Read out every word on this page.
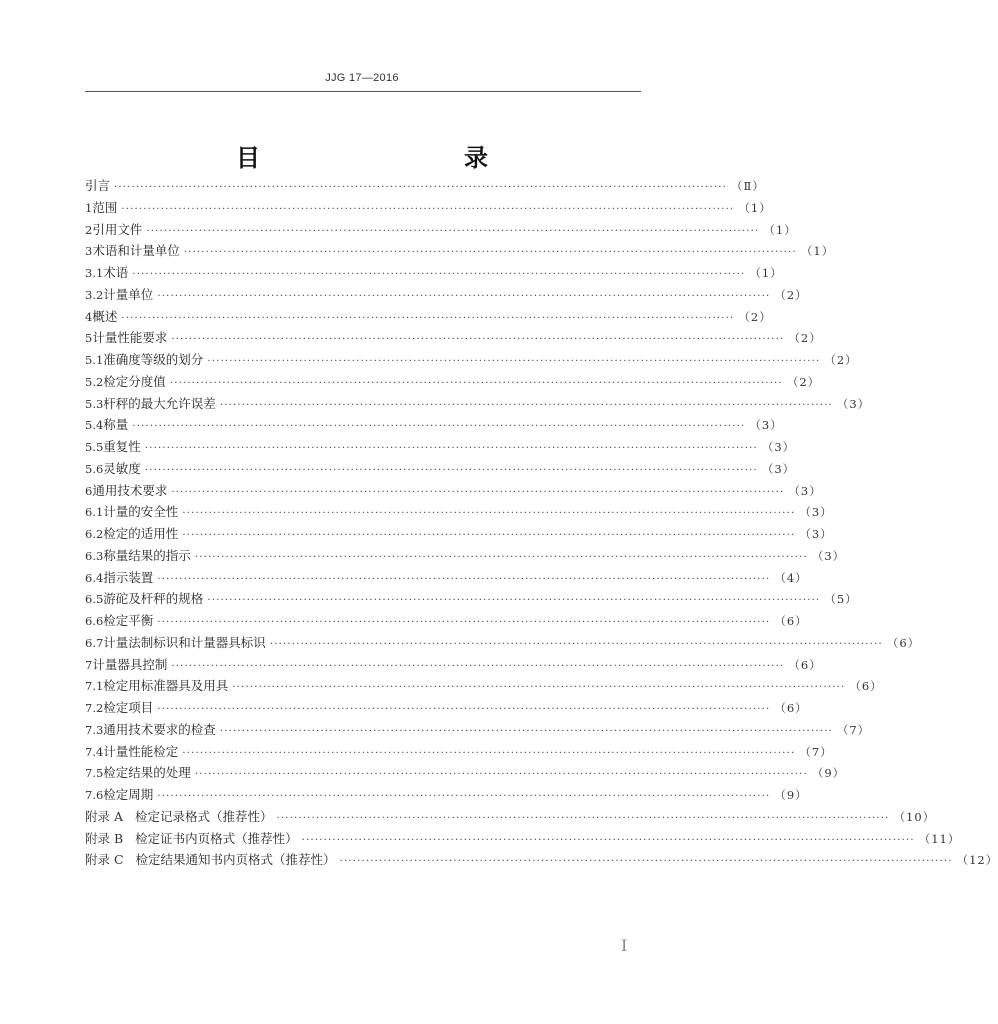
JJG 17—2016
目　　录
引言 ············································································································································ （Ⅱ）
1 范围 ············································································································································ （1）
2 引用文件 ············································································································································ （1）
3 术语和计量单位 ············································································································································ （1）
3.1 术语 ············································································································································ （1）
3.2 计量单位 ············································································································································ （2）
4 概述 ············································································································································ （2）
5 计量性能要求 ············································································································································ （2）
5.1 准确度等级的划分 ············································································································································ （2）
5.2 检定分度值 ············································································································································ （2）
5.3 杆秤的最大允许误差 ············································································································································ （3）
5.4 称量 ············································································································································ （3）
5.5 重复性 ············································································································································ （3）
5.6 灵敏度 ············································································································································ （3）
6 通用技术要求 ············································································································································ （3）
6.1 计量的安全性 ············································································································································ （3）
6.2 检定的适用性 ············································································································································ （3）
6.3 称量结果的指示 ············································································································································ （3）
6.4 指示装置 ············································································································································ （4）
6.5 游砣及杆秤的规格 ············································································································································ （5）
6.6 检定平衡 ············································································································································ （6）
6.7 计量法制标识和计量器具标识 ············································································································································ （6）
7 计量器具控制 ············································································································································ （6）
7.1 检定用标准器具及用具 ············································································································································ （6）
7.2 检定项目 ············································································································································ （6）
7.3 通用技术要求的检查 ············································································································································ （7）
7.4 计量性能检定 ············································································································································ （7）
7.5 检定结果的处理 ············································································································································ （9）
7.6 检定周期 ············································································································································ （9）
附录 A 检定记录格式（推荐性） ············································································································································ （10）
附录 B 检定证书内页格式（推荐性） ············································································································································ （11）
附录 C 检定结果通知书内页格式（推荐性） ············································································································································ （12）
I
